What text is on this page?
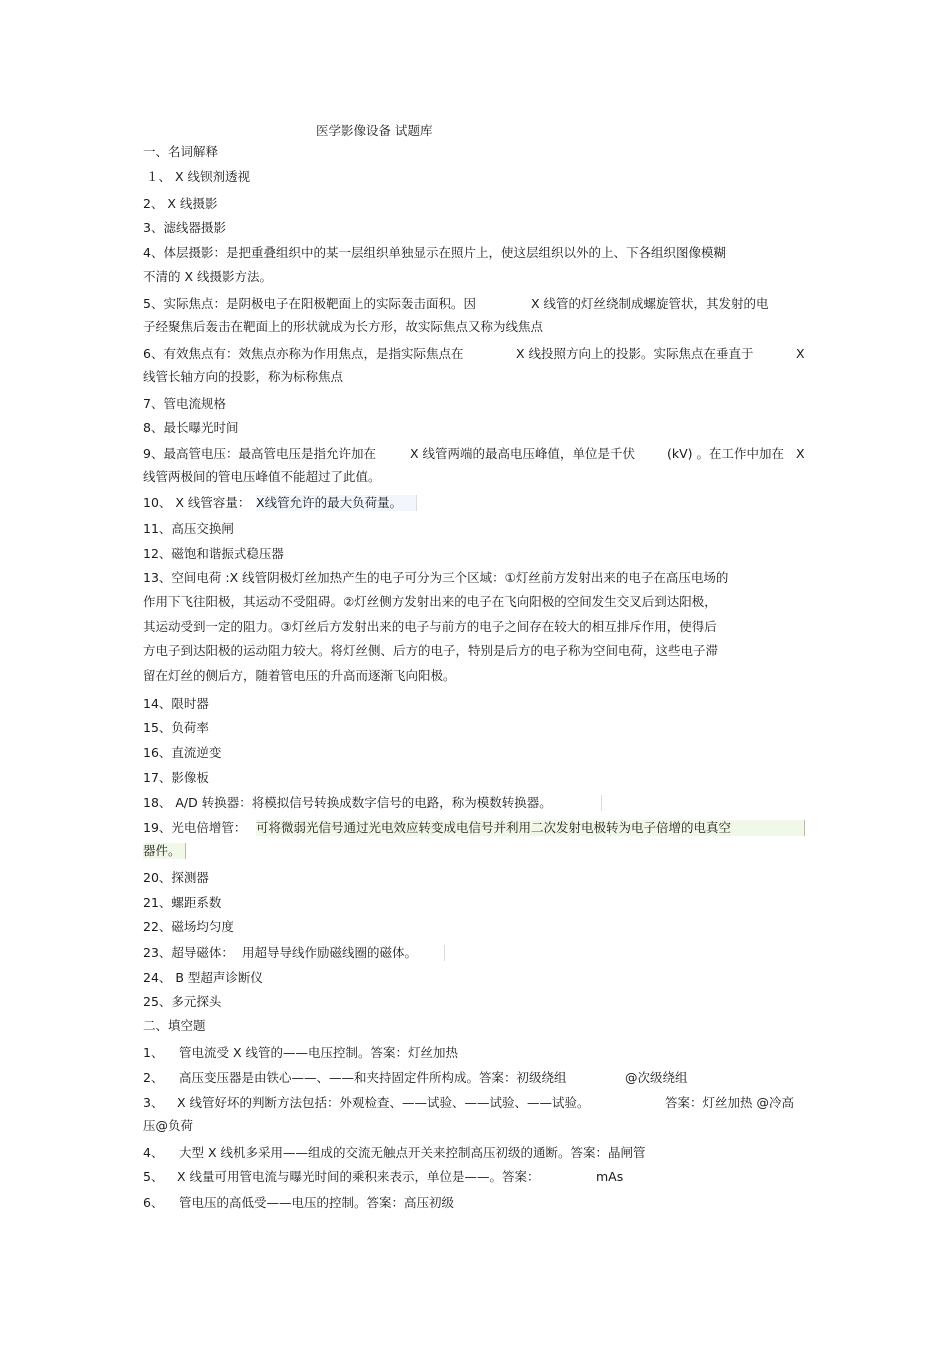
医学影像设备 试题库
一、名词解释
１、 X 线钡剂透视
2、 X 线摄影
3、滤线器摄影
4、体层摄影：是把重叠组织中的某一层组织单独显示在照片上，使这层组织以外的上、下各组织图像模糊
不清的 X 线摄影方法。
5、实际焦点：是阴极电子在阳极靶面上的实际轰击面积。因	X 线管的灯丝绕制成螺旋管状，其发射的电
子经聚焦后轰击在靶面上的形状就成为长方形，故实际焦点又称为线焦点
6、有效焦点有：效焦点亦称为作用焦点，是指实际焦点在	X 线投照方向上的投影。实际焦点在垂直于	X
线管长轴方向的投影，称为标称焦点
7、管电流规格
8、最长曝光时间
9、最高管电压：最高管电压是指允许加在	X 线管两端的最高电压峰值，单位是千伏	(kV) 。在工作中加在 X
线管两极间的管电压峰值不能超过了此值。
10、 X 线管容量： X线管允许的最大负荷量。
11、高压交换闸
12、磁饱和谐振式稳压器
13、空间电荷 :X 线管阴极灯丝加热产生的电子可分为三个区域：①灯丝前方发射出来的电子在高压电场的
作用下飞往阳极，其运动不受阻碍。②灯丝侧方发射出来的电子在飞向阳极的空间发生交叉后到达阳极，
其运动受到一定的阻力。③灯丝后方发射出来的电子与前方的电子之间存在较大的相互排斥作用，使得后
方电子到达阳极的运动阻力较大。将灯丝侧、后方的电子，特别是后方的电子称为空间电荷，这些电子滞
留在灯丝的侧后方，随着管电压的升高而逐渐飞向阳极。
14、限时器
15、负荷率
16、直流逆变
17、影像板
18、 A/D 转换器：将模拟信号转换成数字信号的电路，称为模数转换器。
19、光电倍增管： 可将微弱光信号通过光电效应转变成电信号并利用二次发射电极转为电子倍增的电真空
器件。
20、探测器
21、螺距系数
22、磁场均匀度
23、超导磁体： 用超导导线作励磁线圈的磁体。
24、 B 型超声诊断仪
25、多元探头
二、填空题
1、 管电流受 X 线管的——电压控制。答案：灯丝加热
2、 高压变压器是由铁心——、——和夹持固定件所构成。答案：初级绕组	@次级绕组
3、 X 线管好坏的判断方法包括：外观检查、——试验、——试验、——试验。	答案：灯丝加热 @冷高
压@负荷
4、 大型 X 线机多采用——组成的交流无触点开关来控制高压初级的通断。答案：晶闸管
5、 X 线量可用管电流与曝光时间的乘积来表示，单位是——。答案：	mAs
6、 管电压的高低受——电压的控制。答案：高压初级
